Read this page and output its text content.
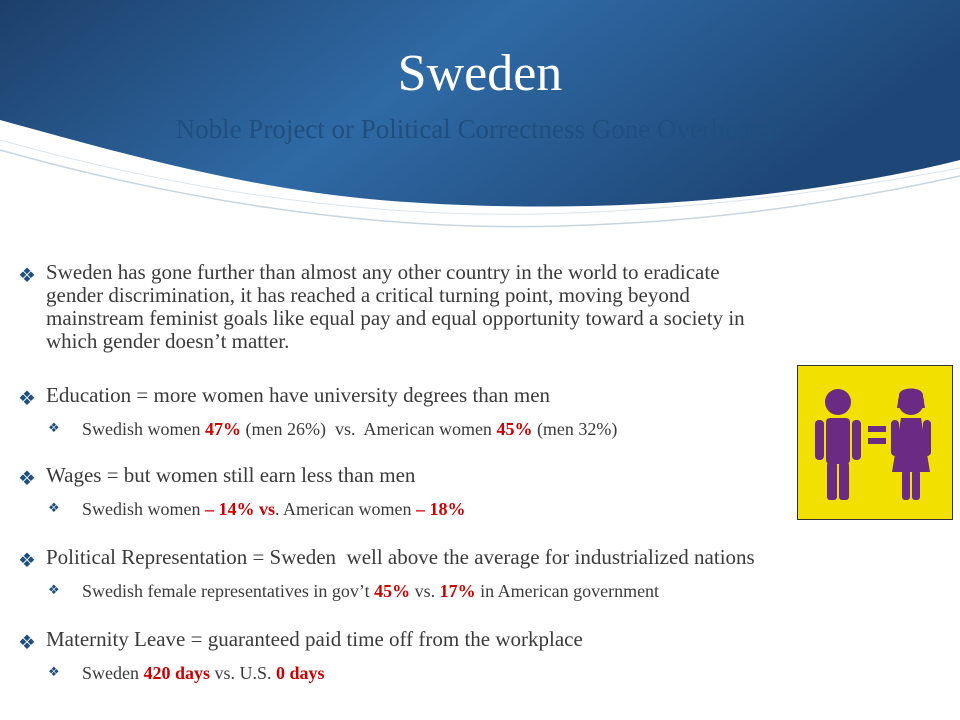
Sweden
Noble Project or Political Correctness Gone Overboard?
❖ Sweden has gone further than almost any other country in the world to eradicate
gender discrimination, it has reached a critical turning point, moving beyond
mainstream feminist goals like equal pay and equal opportunity toward a society in
which gender doesn’t matter.
❖ Education = more women have university degrees than men
❖ Swedish women 47% (men 26%)  vs.  American women 45% (men 32%)
❖ Wages = but women still earn less than men
❖ Swedish women – 14% vs. American women – 18%
❖ Political Representation = Sweden  well above the average for industrialized nations
❖ Swedish female representatives in gov’t 45% vs. 17% in American government
❖ Maternity Leave = guaranteed paid time off from the workplace
❖ Sweden 420 days vs. U.S. 0 days
